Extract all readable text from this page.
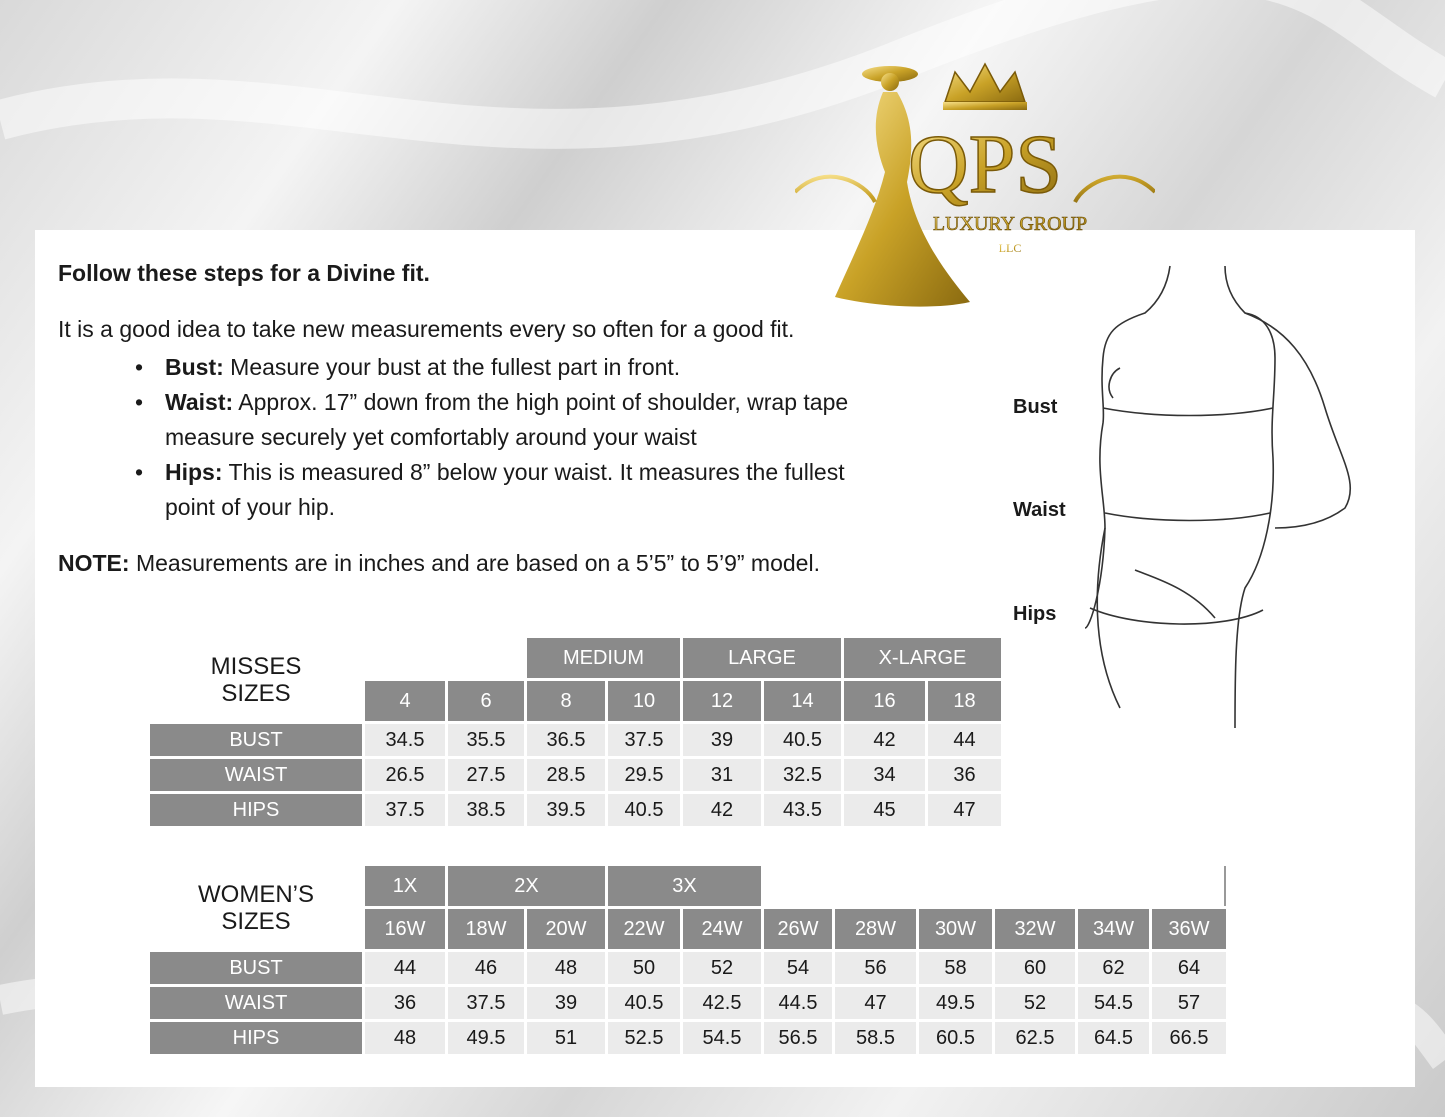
Follow these steps for a Divine fit.

It is a good idea to take new measurements every so often for a good fit.

• Bust: Measure your bust at the fullest part in front.
• Waist: Approx. 17” down from the high point of shoulder, wrap tape measure securely yet comfortably around your waist
• Hips: This is measured 8” below your waist. It measures the fullest point of your hip.

NOTE: Measurements are in inches and are based on a 5’5” to 5’9” model.

Bust
Waist
Hips
MISSES
SIZES			MEDIUM		LARGE		X-LARGE	
	4	6	8	10	12	14	16	18
BUST	34.5	35.5	36.5	37.5	39	40.5	42	44
WAIST	26.5	27.5	28.5	29.5	31	32.5	34	36
HIPS	37.5	38.5	39.5	40.5	42	43.5	45	47
WOMEN’S
SIZES	1X	2X		3X							
	16W	18W	20W	22W	24W	26W	28W	30W	32W	34W	36W
BUST	44	46	48	50	52	54	56	58	60	62	64
WAIST	36	37.5	39	40.5	42.5	44.5	47	49.5	52	54.5	57
HIPS	48	49.5	51	52.5	54.5	56.5	58.5	60.5	62.5	64.5	66.5
QPS
LUXURY GROUP
LLC
